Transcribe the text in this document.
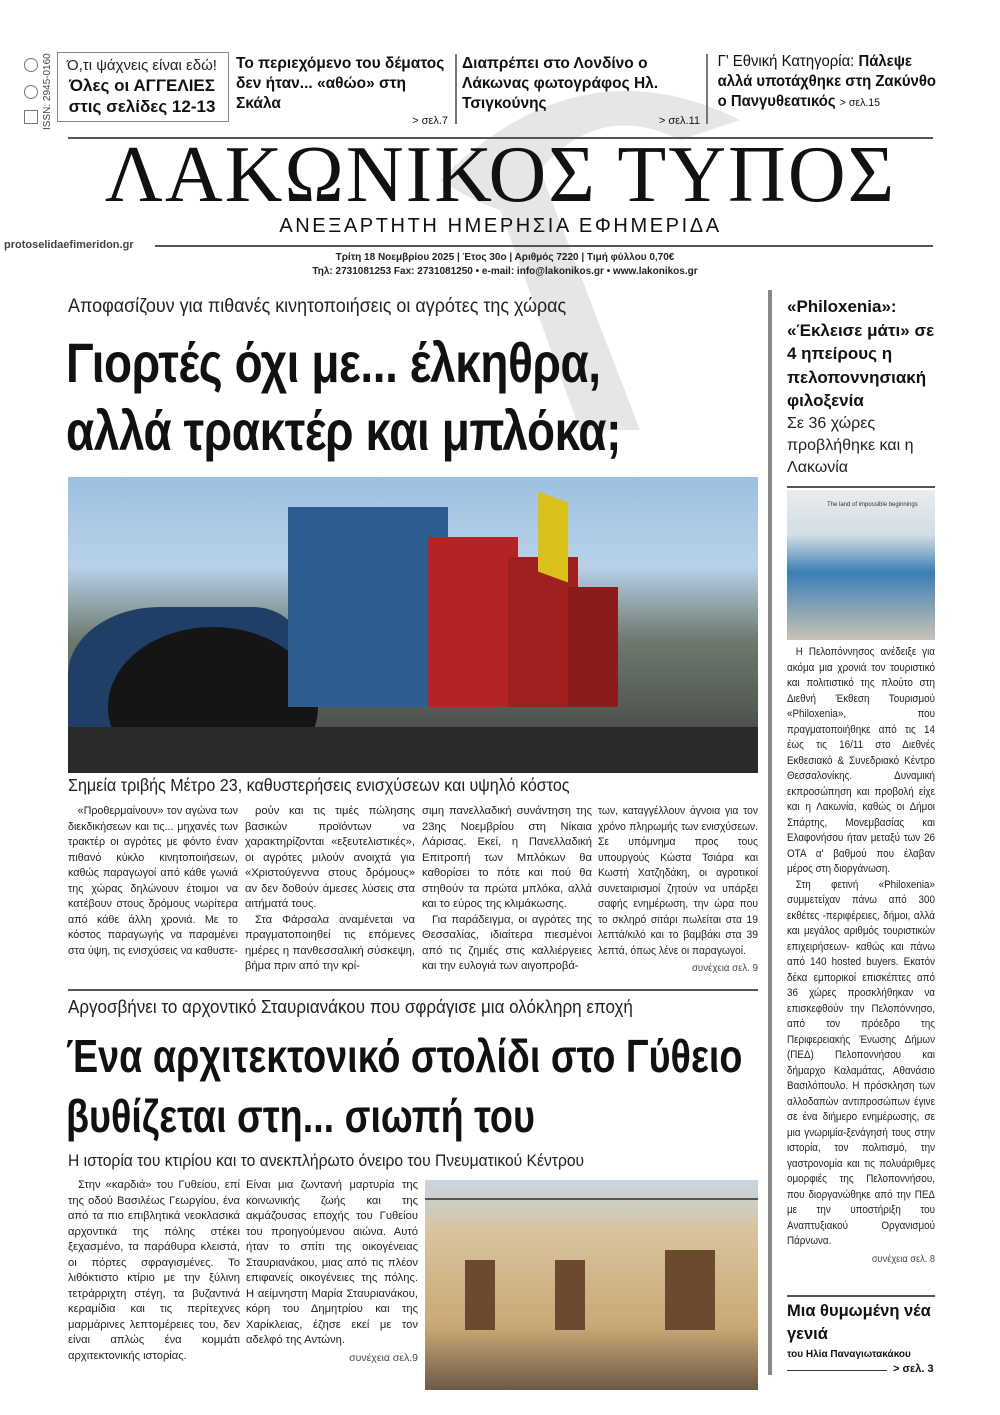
ISSN: 2945-0160 Ό,τι ψάχνεις είναι εδώ!
Όλες οι ΑΓΓΕΛΙΕΣ
στις σελίδες 12-13
Το περιεχόμενο του δέματος δεν ήταν... «αθώο» στη Σκάλα
> σελ.7
Διαπρέπει στο Λονδίνο ο Λάκωνας φωτογράφος Ηλ. Τσιγκούνης
> σελ.11
Γ' Εθνική Κατηγορία: Πάλεψε αλλά υποτάχθηκε στη Ζακύνθο ο Πανγυθεατικός > σελ.15
ΛΑΚΩΝΙΚΟΣ ΤΥΠΟΣ
ΑΝΕΞΑΡΤΗΤΗ ΗΜΕΡΗΣΙΑ ΕΦΗΜΕΡΙΔΑ
protoselidaefimeridon.gr
Τρίτη 18 Νοεμβρίου 2025 | Έτος 30ο | Αριθμός 7220 | Τιμή φύλλου 0,70€
Τηλ: 2731081253 Fax: 2731081250 • e-mail: info@lakonikos.gr • www.lakonikos.gr
Αποφασίζουν για πιθανές κινητοποιήσεις οι αγρότες της χώρας
Γιορτές όχι με... έλκηθρα,
αλλά τρακτέρ και μπλόκα;
Σημεία τριβής Μέτρο 23, καθυστερήσεις ενισχύσεων και υψηλό κόστος

«Προθερμαίνουν» τον αγώνα των διεκδικήσεων και τις... μηχανές των τρακτέρ οι αγρότες με φόντο έναν πιθανό κύκλο κινητοποιήσεων, καθώς παραγωγοί από κάθε γωνιά της χώρας δηλώνουν έτοιμοι να κατέβουν στους δρόμους νωρίτερα από κάθε άλλη χρονιά. Με το κόστος παραγωγής να παραμένει στα ύψη, τις ενισχύσεις να καθυστε-

ρούν και τις τιμές πώλησης βασικών προϊόντων να χαρακτηρίζονται «εξευτελιστικές», οι αγρότες μιλούν ανοιχτά για «Χριστούγεννα στους δρόμους» αν δεν δοθούν άμεσες λύσεις στα αιτήματά τους.

Στα Φάρσαλα αναμένεται να πραγματοποιηθεί τις επόμενες ημέρες η πανθεσσαλική σύσκεψη, βήμα πριν από την κρί-

σιμη πανελλαδική συνάντηση της 23ης Νοεμβρίου στη Νίκαια Λάρισας. Εκεί, η Πανελλαδική Επιτροπή των Μπλόκων θα καθορίσει το πότε και πού θα στηθούν τα πρώτα μπλόκα, αλλά και το εύρος της κλιμάκωσης.

Για παράδειγμα, οι αγρότες της Θεσσαλίας, ιδιαίτερα πιεσμένοι από τις ζημιές στις καλλιέργειες και την ευλογιά των αιγοπροβά-

των, καταγγέλλουν άγνοια για τον χρόνο πληρωμής των ενισχύσεων. Σε υπόμνημα προς τους υπουργούς Κώστα Τσιάρα και Κωστή Χατζηδάκη, οι αγροτικοί συνεταιρισμοί ζητούν να υπάρξει σαφής ενημέρωση, την ώρα που το σκληρό σιτάρι πωλείται στα 19 λεπτά/κιλό και το βαμβάκι στα 39 λεπτά, όπως λένε οι παραγωγοί.

συνέχεια σελ. 9
Αργοσβήνει το αρχοντικό Σταυριανάκου που σφράγισε μια ολόκληρη εποχή
Ένα αρχιτεκτονικό στολίδι στο Γύθειο
βυθίζεται στη... σιωπή του
Η ιστορία του κτιρίου και το ανεκπλήρωτο όνειρο του Πνευματικού Κέντρου

Στην «καρδιά» του Γυθείου, επί της οδού Βασιλέως Γεωργίου, ένα από τα πιο επιβλητικά νεοκλασικά αρχοντικά της πόλης στέκει ξεχασμένο, τα παράθυρα κλειστά, οι πόρτες σφραγισμένες. Το λιθόκτιστο κτίριο με την ξύλινη τετράρριχτη στέγη, τα βυζαντινά κεραμίδια και τις περίτεχνες μαρμάρινες λεπτομέρειες του, δεν είναι απλώς ένα κομμάτι αρχιτεκτονικής ιστορίας.

Είναι μια ζωντανή μαρτυρία της κοινωνικής ζωής και της ακμάζουσας εποχής του Γυθείου του προηγούμενου αιώνα. Αυτό ήταν το σπίτι της οικογένειας Σταυριανάκου, μιας από τις πλέον επιφανείς οικογένειες της πόλης. Η αείμνηστη Μαρία Σταυριανάκου, κόρη του Δημητρίου και της Χαρίκλειας, έζησε εκεί με τον αδελφό της Αντώνη.

συνέχεια σελ.9
«Philoxenia»: «Έκλεισε μάτι» σε 4 ηπείρους η πελοποννησιακή φιλοξενία
Σε 36 χώρες προβλήθηκε και η Λακωνία
The land of impossible beginnings

Η Πελοπόννησος ανέδειξε για ακόμα μια χρονιά τον τουριστικό και πολιτιστικό της πλούτο στη Διεθνή Έκθεση Τουρισμού «Philoxenia», που πραγματοποιήθηκε από τις 14 έως τις 16/11 στο Διεθνές Εκθεσιακό & Συνεδριακό Κέντρο Θεσσαλονίκης. Δυναμική εκπροσώπηση και προβολή είχε και η Λακωνία, καθώς οι Δήμοι Σπάρτης, Μονεμβασίας και Ελαφονήσου ήταν μεταξύ των 26 ΟΤΑ α' βαθμού που έλαβαν μέρος στη διοργάνωση.

Στη φετινή «Philoxenia» συμμετείχαν πάνω από 300 εκθέτες -περιφέρειες, δήμοι, αλλά και μεγάλος αριθμός τουριστικών επιχειρήσεων- καθώς και πάνω από 140 hosted buyers. Εκατόν δέκα εμπορικοί επισκέπτες από 36 χώρες προσκλήθηκαν να επισκεφθούν την Πελοπόννησο, από τον πρόεδρο της Περιφερειακής Ένωσης Δήμων (ΠΕΔ) Πελοποννήσου και δήμαρχο Καλαμάτας, Αθανάσιο Βασιλόπουλο. Η πρόσκληση των αλλοδαπών αντιπροσώπων έγινε σε ένα διήμερο ενημέρωσης, σε μια γνωριμία-ξενάγησή τους στην ιστορία, τον πολιτισμό, την γαστρονομία και τις πολυάριθμες ομορφιές της Πελοποννήσου, που διοργανώθηκε από την ΠΕΔ με την υποστήριξη του Αναπτυξιακού Οργανισμού Πάρνωνα.

συνέχεια σελ. 8
Μια θυμωμένη νέα γενιά
του Ηλία Παναγιωτακάκου
> σελ. 3
